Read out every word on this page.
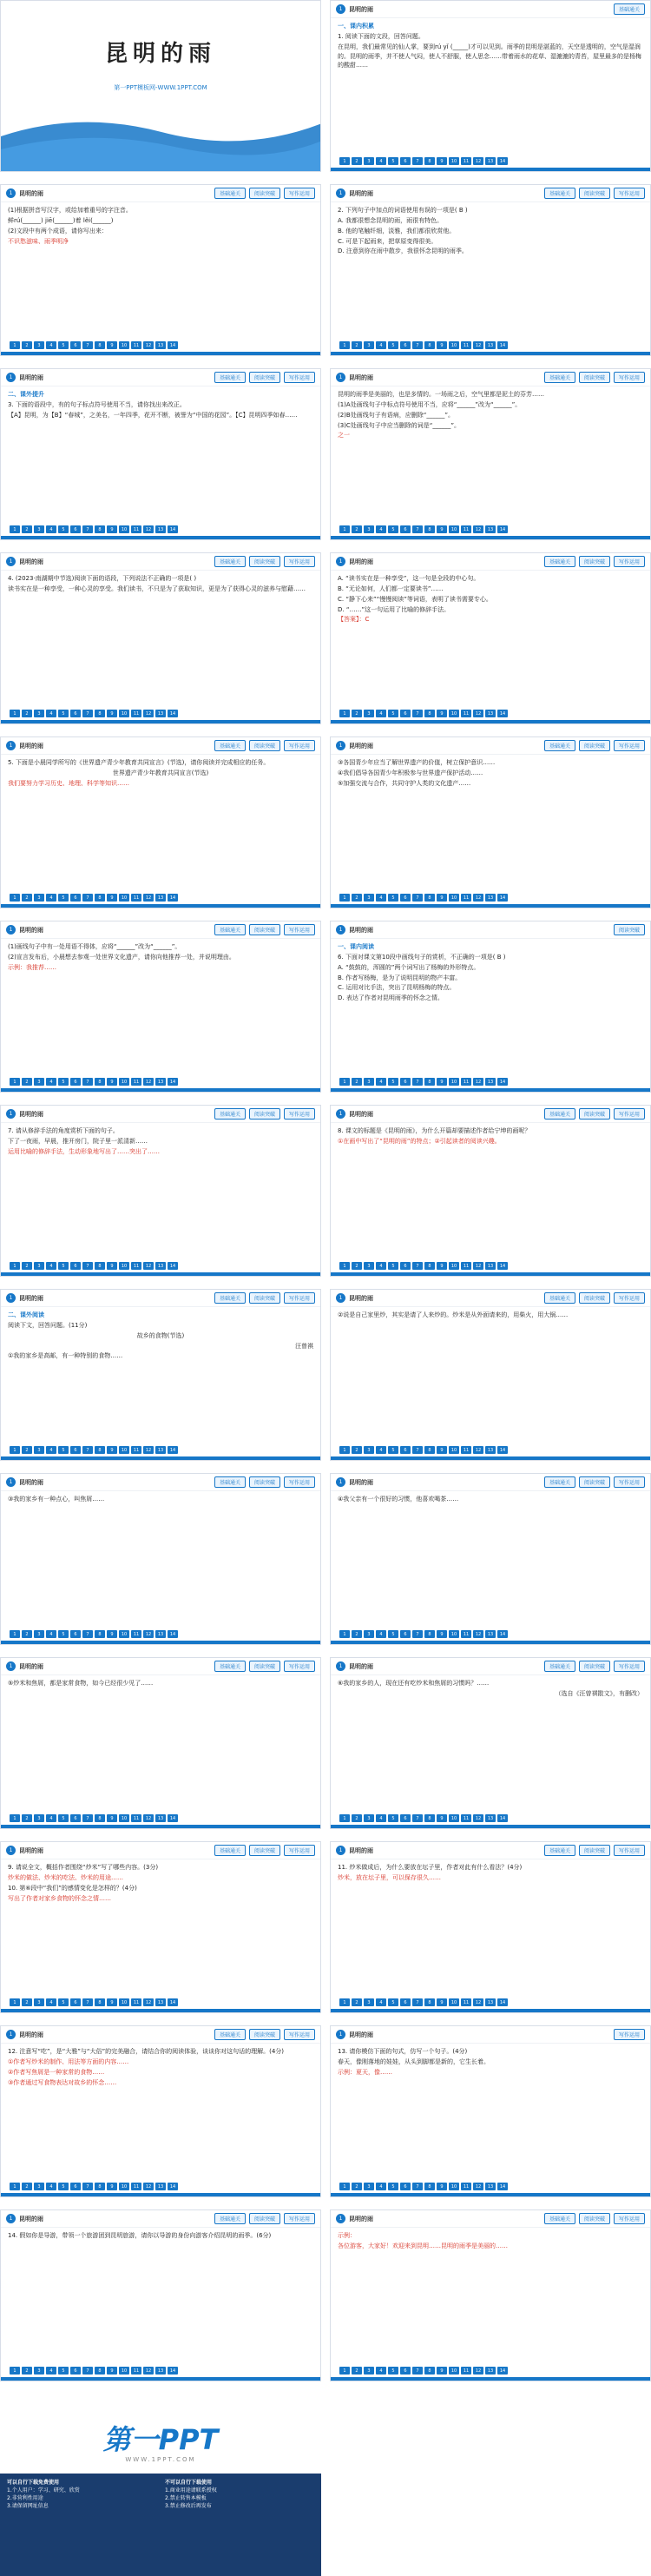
昆明的雨
第一PPT模板网-WWW.1PPT.COM
1	昆明的雨	基础通关

一、课内积累

1. 阅读下面的文段，回答问题。

在昆明，我们最常见的仙人掌，要到rú yǐ (_____)才可以见到。雨季的昆明是湛蓝的，天空是透明的，空气是湿润的。昆明的雨季，并不使人气闷，使人不舒服，使人思念……带着雨水的花草、湿漉漉的青苔，屋里最多的是杨梅的酸甜……

1	2	3	4	5	6	7	8	9	10	11	12	13	14
1	昆明的雨	基础通关	阅读突破	写作运用

(1)根据拼音写汉字，或给加着重号的字注音。

鲜rú(______) jiē(______)着 lěi(______)

(2)文段中有两个成语，请你写出来：

不识愁滋味、雨季明净

1	2	3	4	5	6	7	8	9	10	11	12	13	14
1	昆明的雨	基础通关	阅读突破	写作运用

2. 下列句子中加点的词语使用有误的一项是( B )

A. 我都很想念昆明的雨，雨很有特色。

B. 他的笔触纤细，淡雅，我们都很欣赏他。

C. 可是下起雨来，把草原变得很美。

D. 注意到你在雨中散步，我很怀念昆明的雨季。

1	2	3	4	5	6	7	8	9	10	11	12	13	14
1	昆明的雨	基础通关	阅读突破	写作运用

二、课外提升

3. 下面的语段中，有的句子标点符号使用不当，请你找出来改正。

【A】昆明，为【B】“春城”，之美名，一年四季，花开不断，被誉为“中国的花园”。【C】昆明四季如春……

1	2	3	4	5	6	7	8	9	10	11	12	13	14
1	昆明的雨	基础通关	阅读突破	写作运用

昆明的雨季是美丽的，也是多情的。一场雨之后，空气里都是泥土的芬芳……

(1)A处画线句子中标点符号使用不当，应将“______”改为“______”。

(2)B处画线句子有语病，应删除“______”。

(3)C处画线句子中应当删除的词是“______”。

之一

1	2	3	4	5	6	7	8	9	10	11	12	13	14
1	昆明的雨	基础通关	阅读突破	写作运用

4. (2023·南湖期中节选)阅读下面的语段，下列说法不正确的一项是( )

读书实在是一种享受，一种心灵的享受。我们读书，不只是为了获取知识，更是为了获得心灵的滋养与慰藉……

1	2	3	4	5	6	7	8	9	10	11	12	13	14
1	昆明的雨	基础通关	阅读突破	写作运用

A. “读书实在是一种享受”，这一句是全段的中心句。

B. “无论如何，人们都一定要读书”……

C. “静下心来”“慢慢阅读”等词语，表明了读书需要专心。

D. “……”这一句运用了比喻的修辞手法。

【答案】：C

1	2	3	4	5	6	7	8	9	10	11	12	13	14
1	昆明的雨	基础通关	阅读突破	写作运用

5. 下面是小晨同学所写的《世界遗产青少年教育共同宣言》(节选)，请你阅读并完成相应的任务。

世界遗产青少年教育共同宣言(节选)

我们要努力学习历史、地理、科学等知识……

1	2	3	4	5	6	7	8	9	10	11	12	13	14
1	昆明的雨	基础通关	阅读突破	写作运用

③各国青少年应当了解世界遗产的价值，树立保护意识……

④我们倡导各国青少年积极参与世界遗产保护活动……

⑤加强交流与合作，共同守护人类的文化遗产……

1	2	3	4	5	6	7	8	9	10	11	12	13	14
1	昆明的雨	基础通关	阅读突破	写作运用

(1)画线句子中有一处用语不得体，应将“______”改为“______”。

(2)宣言发布后，小晨想去参观一处世界文化遗产，请你向他推荐一处，并说明理由。

示例：我推荐……

1	2	3	4	5	6	7	8	9	10	11	12	13	14
1	昆明的雨	阅读突破

一、课内阅读

6. 下面对课文第10段中画线句子的赏析，不正确的一项是( B )

A. “鼓鼓的，浑圆的”两个词写出了杨梅的外形特点。

B. 作者写杨梅，是为了说明昆明的物产丰富。

C. 运用对比手法，突出了昆明杨梅的特点。

D. 表达了作者对昆明雨季的怀念之情。

1	2	3	4	5	6	7	8	9	10	11	12	13	14
1	昆明的雨	基础通关	阅读突破	写作运用

7. 请从修辞手法的角度赏析下面的句子。

下了一夜雨，早晨，推开房门，院子里一派清新……

运用比喻的修辞手法，生动形象地写出了……突出了……

1	2	3	4	5	6	7	8	9	10	11	12	13	14
1	昆明的雨	基础通关	阅读突破	写作运用

8. 课文的标题是《昆明的雨》，为什么开篇却要描述作者给宁坤的画呢？

①在画中写出了“昆明的雨”的特点；②引起读者的阅读兴趣。

1	2	3	4	5	6	7	8	9	10	11	12	13	14
1	昆明的雨	基础通关	阅读突破	写作运用

二、课外阅读

阅读下文，回答问题。(11分)

故乡的食物(节选)

汪曾祺

①我的家乡是高邮，有一种特别的食物……

1	2	3	4	5	6	7	8	9	10	11	12	13	14
1	昆明的雨	基础通关	阅读突破	写作运用

②说是自己家里炒，其实是请了人来炒的。炒米是从外面请来的，用柴火，用大锅……

1	2	3	4	5	6	7	8	9	10	11	12	13	14
1	昆明的雨	基础通关	阅读突破	写作运用

③我的家乡有一种点心，叫焦屑……

1	2	3	4	5	6	7	8	9	10	11	12	13	14
1	昆明的雨	基础通关	阅读突破	写作运用

④我父亲有一个很好的习惯，他喜欢喝茶……

1	2	3	4	5	6	7	8	9	10	11	12	13	14
1	昆明的雨	基础通关	阅读突破	写作运用

⑤炒米和焦屑，都是家常食物，如今已经很少见了……

1	2	3	4	5	6	7	8	9	10	11	12	13	14
1	昆明的雨	基础通关	阅读突破	写作运用

⑥我的家乡的人，现在还有吃炒米和焦屑的习惯吗？……

（选自《汪曾祺散文》，有删改）

1	2	3	4	5	6	7	8	9	10	11	12	13	14
1	昆明的雨	基础通关	阅读突破	写作运用

9. 请说全文，概括作者围绕“炒米”写了哪些内容。(3分)

炒米的做法、炒米的吃法、炒米的用途……

10. 第⑥段中“我们”的感情变化是怎样的？(4分)

写出了作者对家乡食物的怀念之情……

1	2	3	4	5	6	7	8	9	10	11	12	13	14
1	昆明的雨	基础通关	阅读突破	写作运用

11. 炒米做成后，为什么要放在坛子里，作者对此有什么看法？(4分)

炒米，放在坛子里，可以保存很久……

1	2	3	4	5	6	7	8	9	10	11	12	13	14
1	昆明的雨	基础通关	阅读突破	写作运用

12. 注意写“吃”，是“大雅”与“大俗”的完美融合，请结合你的阅读体验，谈谈你对这句话的理解。(4分)

①作者写炒米的制作、用法等方面的内容……

②作者写焦屑是一种家常的食物……

③作者通过写食物表达对故乡的怀念……

1	2	3	4	5	6	7	8	9	10	11	12	13	14
1	昆明的雨	写作运用

13. 请你模仿下面的句式，仿写一个句子。(4分)

春天，像刚落地的娃娃，从头到脚都是新的，它生长着。

示例：夏天，像……

1	2	3	4	5	6	7	8	9	10	11	12	13	14
1	昆明的雨	基础通关	阅读突破	写作运用

14. 假如你是导游，带领一个旅游团到昆明旅游，请你以导游的身份向游客介绍昆明的雨季。(6分)

1	2	3	4	5	6	7	8	9	10	11	12	13	14
1	昆明的雨	基础通关	阅读突破	写作运用

示例：

各位游客，大家好！欢迎来到昆明……昆明的雨季是美丽的……

1	2	3	4	5	6	7	8	9	10	11	12	13	14
第一PPT
WWW.1PPT.COM

可以自行下载免费使用

1.个人用户：学习、研究、欣赏

2.非营利性用途

3.请保留网址信息

不可以自行下载使用

1.商业用途请联系授权

2.禁止转售本模板

3.禁止修改后再发布
